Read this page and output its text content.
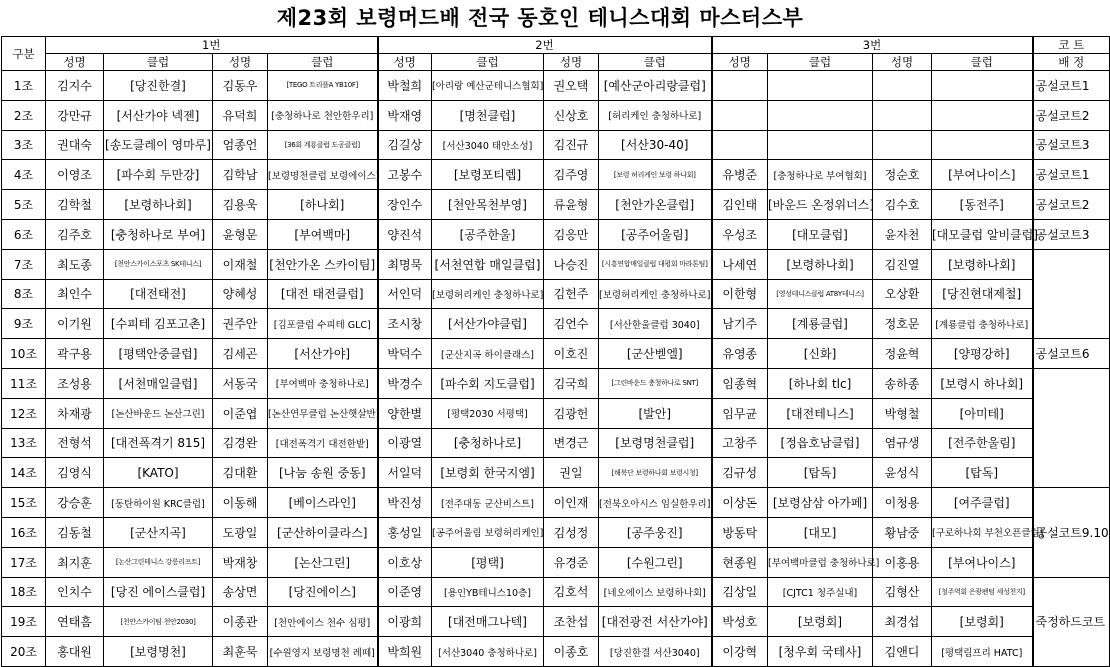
제23회 보령머드배 전국 동호인 테니스대회 마스터스부
구분	1번				2번				3번				코 트
	성명	클럽	성명	클럽	성명	클럽	성명	클럽	성명	클럽	성명	클럽	배 정
1조	김지수	[당진한결]	김동우	[TEGO 트리플A YB10F]	박철희	[아리랑 예산군테니스협회]	권오택	[예산군아리랑클럽]					공설코트1
2조	강만규	[서산가야 넥젠]	유덕희	[충청하나로 천안한우리]	박재영	[명천클럽]	신상호	[허리케인 충청하나로]					공설코트2
3조	권대숙	[송도클레이 영마루]	엄종언	[36회 계룡클럽 도공클럽]	김길상	[서산3040 태안소성]	김진규	[서산30-40]					공설코트3
4조	이영조	[파수회 두만강]	김학남	[보령명천클럽 보령에이스]	고봉수	[보령포티렙]	김주영	[보령 허리케인 보령 하나회]	유병준	[충청하나로 부여협회]	정순호	[부여나이스]	공설코트1
5조	김학철	[보령하나회]	김용욱	[하나회]	장인수	[천안목천부영]	류윤형	[천안가온클럽]	김인태	[바운드 온정위너스]	김수호	[동전주]	공설코트2
6조	김주호	[충청하나로 부여]	윤형문	[부여백마]	양진석	[공주한울]	김응만	[공주어울림]	우성조	[대모클럽]	윤자천	[대모클럽 알비클럽]	공설코트3
7조	최도종	[천안스카이스포츠 SK테니스]	이재철	[천안가온 스카이팀]	최명묵	[서천연합 매일클럽]	나승진	[시흥연합매일클럽 대평회 마라톤팀]	나세연	[보령하나회]	김진열	[보령하나회]	
8조	최인수	[대전태전]	양혜성	[대전 태전클럽]	서인덕	[보령허리케인 충청하나로]	김헌주	[보령허리케인 충청하나로]	이한형	[영성테니스클럽 AT8Y테니스]	오상환	[당진현대제철]	
9조	이기원	[수피테 김포고촌]	권주안	[김포클럽 수피테 GLC]	조시창	[서산가야클럽]	김언수	[서산한울클럽 3040]	남기주	[계룡클럽]	정호문	[계룡클럽 충청하나로]	
10조	곽구용	[평택안중클럽]	김세곤	[서산가야]	박덕수	[군산지곡 하이클래스]	이호진	[군산벧엘]	유영종	[신화]	정윤혁	[양평강하]	공설코트6
11조	조성용	[서천매일클럽]	서동국	[부여백마 충청하나로]	박경수	[파수회 지도클럽]	김국희	[그린바운드 충청하나로 SNT]	임종혁	[하나회 tlc]	송하종	[보령시 하나회]	
12조	차재광	[논산바운드 논산그린]	이준엽	[논산연무클럽 논산햇살반]	양한별	[평택2030 서평택]	김광헌	[발안]	임무균	[대전테니스]	박형철	[아미테]	
13조	전형석	[대전폭격기 815]	김경완	[대전폭격기 대전한밭]	이광열	[충청하나로]	변경근	[보령명천클럽]	고창주	[정읍호남클럽]	염규생	[전주한울림]	
14조	김영식	[KATO]	김대환	[나눔 송원 중동]	서일덕	[보령회 한국지엠]	권일	[해북단 보령하나회 보령시청]	김규성	[탑독]	윤성식	[탑독]	
15조	강승훈	[동탄하이원 KRC클럽]	이동해	[베이스라인]	박진성	[전주대동 군산비스트]	이인재	[전북오아시스 임실한우리]	이상돈	[보령삼삼 아가페]	이청용	[여주클럽]	공설코트9.10
16조	김동철	[군산지곡]	도광일	[군산하이클라스]	홍성일	[공주어울림 보령허리케인]	김성정	[공주웅진]	방동탁	[대모]	황남중	[구로하나회 부천오픈클럽]	
17조	최지훈	[논산그린테니스 강릉리프트]	박재창	[논산그린]	이호상	[평택]	유경준	[수원그린]	현종원	[부여백마클럽 충청하나로]	이홍용	[부여나이스]	
18조	인치수	[당진 에이스클럽]	송상면	[당진에이스]	이준영	[용인YB테니스10층]	김호석	[네오에이스 보령하나회]	김상일	[CJTC1 청주실내]	김형산	[청주역회 은광팬텀 세성천지]	죽정하드코트
19조	연태흠	[천안스카이팀 천안2030]	이종관	[천안에이스 천수 심평]	이광희	[대전매그나텍]	조찬섭	[대전광전 서산가야]	박성호	[보령회]	최경섭	[보령회]	
20조	홍대원	[보령명천]	최훈묵	[수원영지 보령명천 레떼]	박희원	[서산3040 충청하나로]	이종호	[당진한결 서산3040]	이강혁	[청우회 국테사]	김앤디	[평택림프리 HATC]	
